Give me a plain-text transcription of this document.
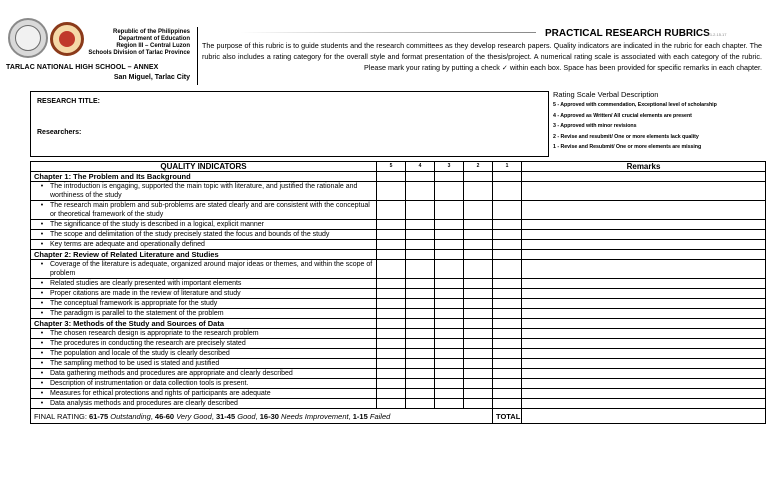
Republic of the Philippines
Department of Education
Region III – Central Luzon
Schools Division of Tarlac Province
TARLAC NATIONAL HIGH SCHOOL – ANNEX
San Miguel, Tarlac City
PRACTICAL RESEARCH RUBRICS
v.1.2.15.17
The purpose of this rubric is to guide students and the research committees as they develop research papers. Quality indicators are indicated in the rubric for each chapter. The rubric also includes a rating category for the overall style and format presentation of the thesis/project. A numerical rating scale is associated with each category of the rubric. Please mark your rating by putting a check ✓ within each box. Space has been provided for specific remarks in each chapter.
RESEARCH TITLE:
Researchers:
Rating Scale Verbal Description
5 - Approved with commendation, Exceptional level of scholarship
4 - Approved as Written/ All crucial elements are present
3 - Approved with minor revisions
2 - Revise and resubmit/ One or more elements lack quality
1 - Revise and Resubmit/ One or more elements are missing
QUALITY INDICATORS	5	4	3	2	1	Remarks
Chapter 1: The Problem and Its Background						

• The introduction is engaging, supported the main topic with literature, and justified the rationale and worthiness of the study						

• The research main problem and sub-problems are stated clearly and are consistent with the conceptual or theoretical framework of the study						

• The significance of the study is described in a logical, explicit manner						

• The scope and delimitation of the study precisely stated the focus and bounds of the study						

• Key terms are adequate and operationally defined						

Chapter 2: Review of Related Literature and Studies						

• Coverage of the literature is adequate, organized around major ideas or themes, and within the scope of problem						

• Related studies are clearly presented with important elements						

• Proper citations are made in the review of literature and study						

• The conceptual framework is appropriate for the study						

• The paradigm is parallel to the statement of the problem						

Chapter 3: Methods of the Study and Sources of Data						

• The chosen research design is appropriate to the research problem						

• The procedures in conducting the research are precisely stated						

• The population and locale of the study is clearly described						

• The sampling method to be used is stated and justified						

• Data gathering methods and procedures are appropriate and clearly described						

• Description of instrumentation or data collection tools is present.						

• Measures for ethical protections and rights of participants are adequate						

• Data analysis methods and procedures are clearly described						

FINAL RATING: 61-75 Outstanding, 46-60 Very Good, 31-45 Good, 16-30 Needs Improvement, 1-15 Failed					TOTAL	
